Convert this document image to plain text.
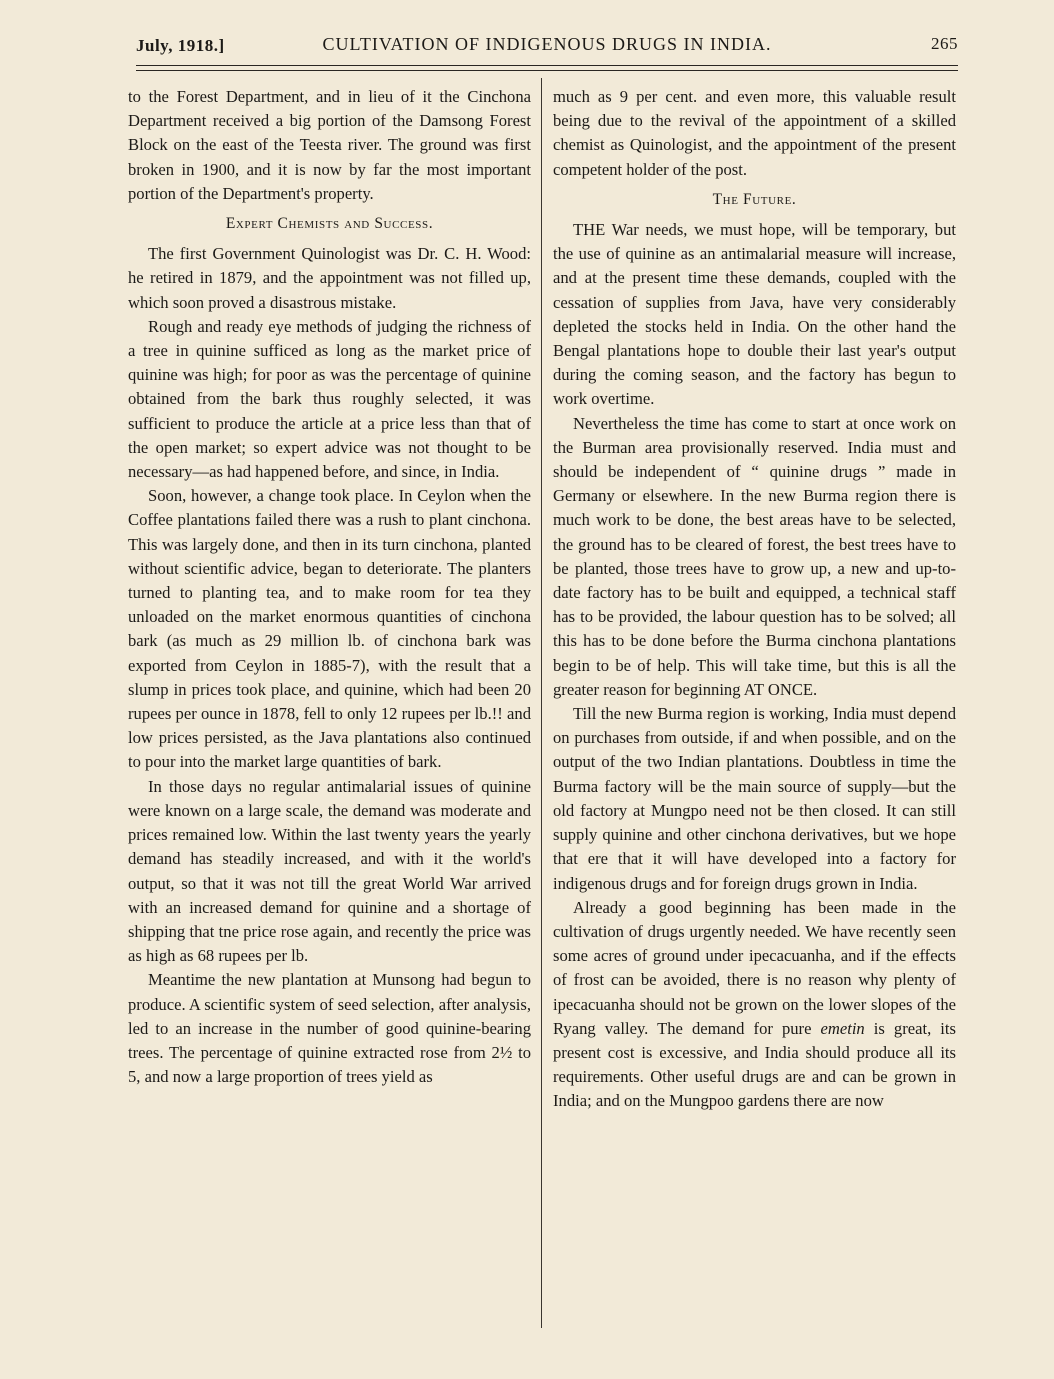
July, 1918.]	CULTIVATION OF INDIGENOUS DRUGS IN INDIA.	265

to the Forest Department, and in lieu of it the Cinchona Department received a big portion of the Damsong Forest Block on the east of the Teesta river. The ground was first broken in 1900, and it is now by far the most important portion of the Department's property.

Expert Chemists and Success.

The first Government Quinologist was Dr. C. H. Wood: he retired in 1879, and the appointment was not filled up, which soon proved a disastrous mistake.

Rough and ready eye methods of judging the richness of a tree in quinine sufficed as long as the market price of quinine was high; for poor as was the percentage of quinine obtained from the bark thus roughly selected, it was sufficient to produce the article at a price less than that of the open market; so expert advice was not thought to be necessary—as had happened before, and since, in India.

Soon, however, a change took place. In Ceylon when the Coffee plantations failed there was a rush to plant cinchona. This was largely done, and then in its turn cinchona, planted without scientific advice, began to deteriorate. The planters turned to planting tea, and to make room for tea they unloaded on the market enormous quantities of cinchona bark (as much as 29 million lb. of cinchona bark was exported from Ceylon in 1885-7), with the result that a slump in prices took place, and quinine, which had been 20 rupees per ounce in 1878, fell to only 12 rupees per lb.!! and low prices persisted, as the Java plantations also continued to pour into the market large quantities of bark.

In those days no regular antimalarial issues of quinine were known on a large scale, the demand was moderate and prices remained low. Within the last twenty years the yearly demand has steadily increased, and with it the world's output, so that it was not till the great World War arrived with an increased demand for quinine and a shortage of shipping that tne price rose again, and recently the price was as high as 68 rupees per lb.

Meantime the new plantation at Munsong had begun to produce. A scientific system of seed selection, after analysis, led to an increase in the number of good quinine-bearing trees. The percentage of quinine extracted rose from 2½ to 5, and now a large proportion of trees yield as

much as 9 per cent. and even more, this valuable result being due to the revival of the appointment of a skilled chemist as Quinologist, and the appointment of the present competent holder of the post.

The Future.

THE War needs, we must hope, will be temporary, but the use of quinine as an antimalarial measure will increase, and at the present time these demands, coupled with the cessation of supplies from Java, have very considerably depleted the stocks held in India. On the other hand the Bengal plantations hope to double their last year's output during the coming season, and the factory has begun to work overtime.

Nevertheless the time has come to start at once work on the Burman area provisionally reserved. India must and should be independent of “ quinine drugs ” made in Germany or elsewhere. In the new Burma region there is much work to be done, the best areas have to be selected, the ground has to be cleared of forest, the best trees have to be planted, those trees have to grow up, a new and up-to-date factory has to be built and equipped, a technical staff has to be provided, the labour question has to be solved; all this has to be done before the Burma cinchona plantations begin to be of help. This will take time, but this is all the greater reason for beginning AT ONCE.

Till the new Burma region is working, India must depend on purchases from outside, if and when possible, and on the output of the two Indian plantations. Doubtless in time the Burma factory will be the main source of supply—but the old factory at Mungpo need not be then closed. It can still supply quinine and other cinchona derivatives, but we hope that ere that it will have developed into a factory for indigenous drugs and for foreign drugs grown in India.

Already a good beginning has been made in the cultivation of drugs urgently needed. We have recently seen some acres of ground under ipecacuanha, and if the effects of frost can be avoided, there is no reason why plenty of ipecacuanha should not be grown on the lower slopes of the Ryang valley. The demand for pure emetin is great, its present cost is excessive, and India should produce all its requirements. Other useful drugs are and can be grown in India; and on the Mungpoo gardens there are now
